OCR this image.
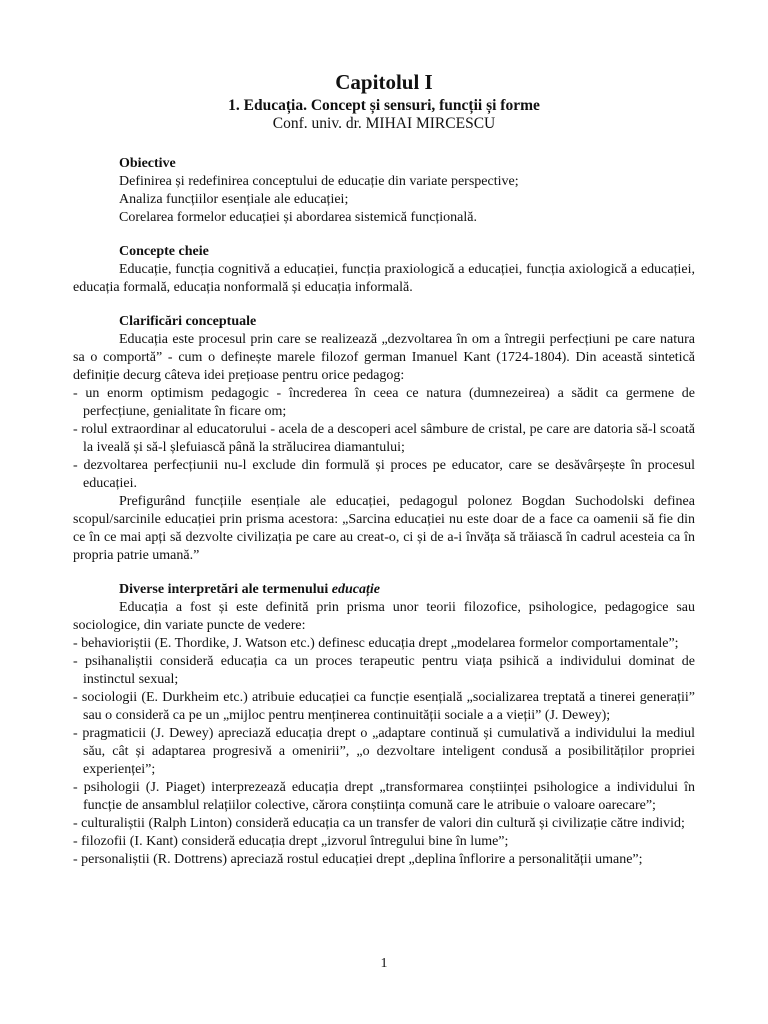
Capitolul I
1. Educația. Concept și sensuri, funcții și forme
Conf. univ. dr. MIHAI MIRCESCU
Obiective
Definirea și redefinirea conceptului de educație din variate perspective;
Analiza funcțiilor esențiale ale educației;
Corelarea formelor educației și abordarea sistemică funcțională.
Concepte cheie

Educație, funcția cognitivă a educației, funcția praxiologică a educației, funcția axiologică a educației, educația formală, educația nonformală și educația informală.

Clarificări conceptuale

Educația este procesul prin care se realizează „dezvoltarea în om a întregii perfecțiuni pe care natura sa o comportă” - cum o definește marele filozof german Imanuel Kant (1724-1804). Din această sintetică definiție decurg câteva idei prețioase pentru orice pedagog:

- un enorm optimism pedagogic - încrederea în ceea ce natura (dumnezeirea) a sădit ca germene de perfecțiune, genialitate în ficare om;
- rolul extraordinar al educatorului - acela de a descoperi acel sâmbure de cristal, pe care are datoria să-l scoată la iveală și să-l șlefuiască până la strălucirea diamantului;
- dezvoltarea perfecțiunii nu-l exclude din formulă și proces pe educator, care se desăvârșește în procesul educației.

Prefigurând funcțiile esențiale ale educației, pedagogul polonez Bogdan Suchodolski definea scopul/sarcinile educației prin prisma acestora: „Sarcina educației nu este doar de a face ca oamenii să fie din ce în ce mai apți să dezvolte civilizația pe care au creat-o, ci și de a-i învăța să trăiască în cadrul acesteia ca în propria patrie umană.”

Diverse interpretări ale termenului educație

Educația a fost și este definită prin prisma unor teorii filozofice, psihologice, pedagogice sau sociologice, din variate puncte de vedere:

- behavioriștii (E. Thordike, J. Watson etc.) definesc educația drept „modelarea formelor comportamentale”;
- psihanaliștii consideră educația ca un proces terapeutic pentru viața psihică a individului dominat de instinctul sexual;
- sociologii (E. Durkheim etc.) atribuie educației ca funcție esențială „socializarea treptată a tinerei generații” sau o consideră ca pe un „mijloc pentru menținerea continuității sociale a a vieții” (J. Dewey);
- pragmaticii (J. Dewey) apreciază educația drept o „adaptare continuă și cumulativă a individului la mediul său, cât și adaptarea progresivă a omenirii”, „o dezvoltare inteligent condusă a posibilităților propriei experiențeі”;
- psihologii (J. Piaget) interprezează educația drept „transformarea conștiinței psihologice a individului în funcție de ansamblul relațiilor colective, cărora conștiința comună care le atribuie o valoare oarecare”;
- culturaliștii (Ralph Linton) consideră educația ca un transfer de valori din cultură și civilizație către individ;
- filozofii (I. Kant) consideră educația drept „izvorul întregului bine în lume”;
- personaliștii (R. Dottrens) apreciază rostul educației drept „deplina înflorire a personalității umane”;
1
